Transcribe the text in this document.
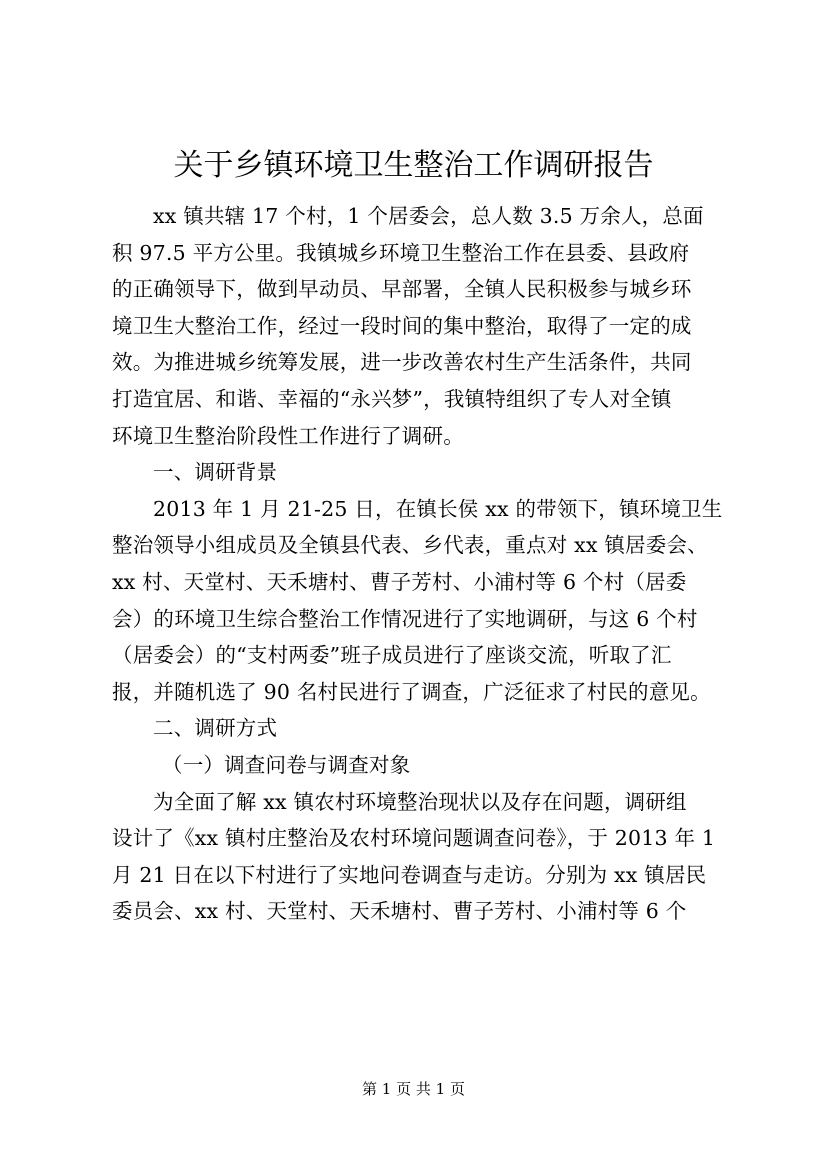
关于乡镇环境卫生整治工作调研报告
xx 镇共辖 17 个村，1 个居委会，总人数 3.5 万余人，总面
积 97.5 平方公里。我镇城乡环境卫生整治工作在县委、县政府
的正确领导下，做到早动员、早部署，全镇人民积极参与城乡环
境卫生大整治工作，经过一段时间的集中整治，取得了一定的成
效。为推进城乡统筹发展，进一步改善农村生产生活条件，共同
打造宜居、和谐、幸福的“永兴梦”，我镇特组织了专人对全镇
环境卫生整治阶段性工作进行了调研。
一、调研背景
2013 年 1 月 21-25 日，在镇长侯 xx 的带领下，镇环境卫生
整治领导小组成员及全镇县代表、乡代表，重点对 xx 镇居委会、
xx 村、天堂村、天禾塘村、曹子芳村、小浦村等 6 个村（居委
会）的环境卫生综合整治工作情况进行了实地调研，与这 6 个村
（居委会）的“支村两委”班子成员进行了座谈交流，听取了汇
报，并随机选了 90 名村民进行了调查，广泛征求了村民的意见。
二、调研方式
（一）调查问卷与调查对象
为全面了解 xx 镇农村环境整治现状以及存在问题，调研组
设计了《xx 镇村庄整治及农村环境问题调查问卷》，于 2013 年 1
月 21 日在以下村进行了实地问卷调查与走访。分别为 xx 镇居民
委员会、xx 村、天堂村、天禾塘村、曹子芳村、小浦村等 6 个
第 1 页 共 1 页
